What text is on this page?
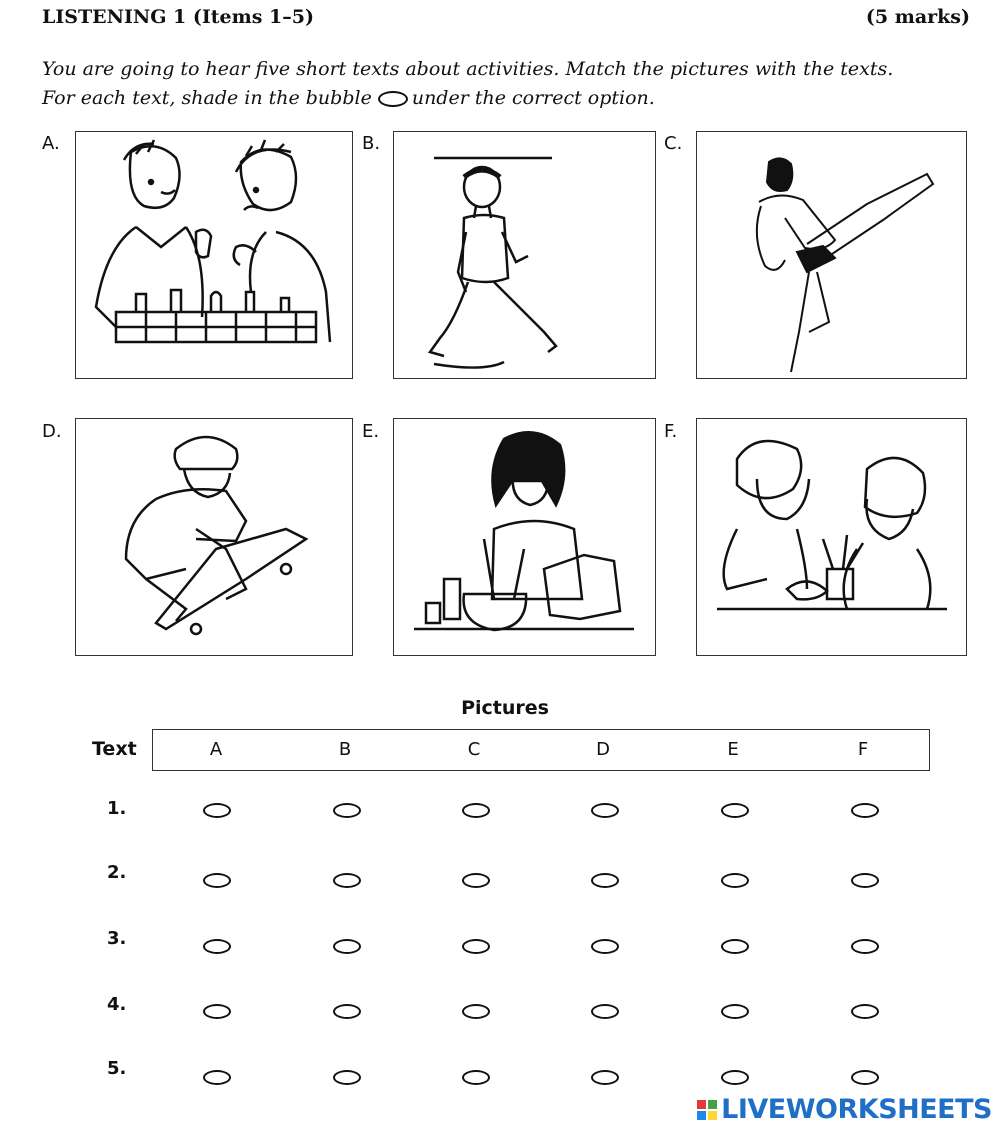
LISTENING 1 (Items 1–5)	(5 marks)
You are going to hear five short texts about activities. Match the pictures with the texts.
For each text, shade in the bubble under the correct option.
A.	B.	C.
D.	E.	F.
Pictures
Text	A	B	C	D	E	F
1.
2.
3.
4.
5.
LIVEWORKSHEETS
